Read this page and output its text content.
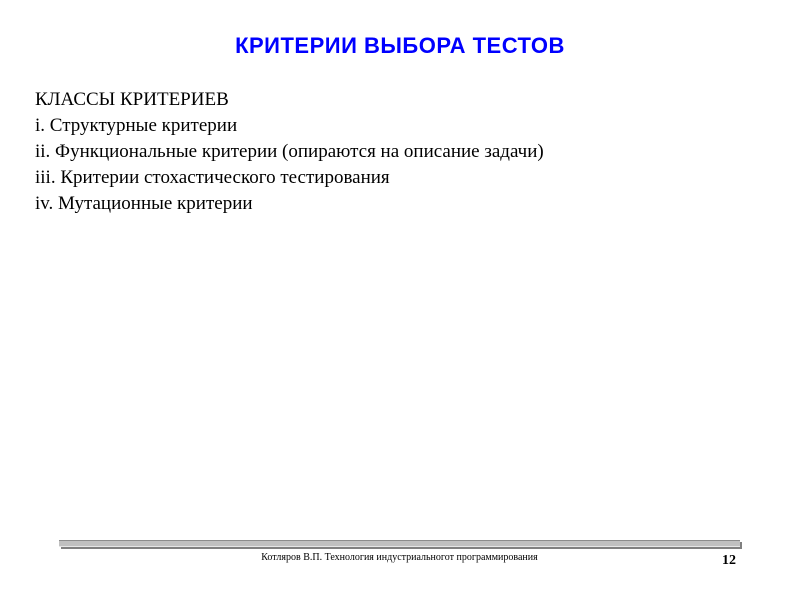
КРИТЕРИИ ВЫБОРА ТЕСТОВ
КЛАССЫ КРИТЕРИЕВ
i. Структурные критерии
ii. Функциональные критерии (опираются на описание задачи)
iii. Критерии стохастического тестирования
iv. Мутационные критерии
Котляров В.П. Технология индустриальногот программирования	12
